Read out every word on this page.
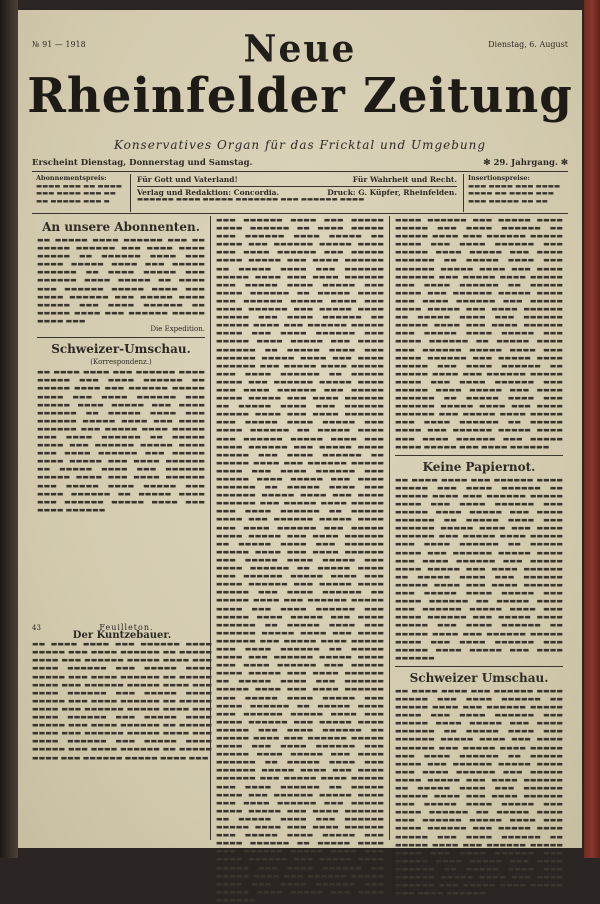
№ 91 — 1918	Dienstag, 6. August
Neue
Rheinfelder Zeitung
Konservatives Organ für das Fricktal und Umgebung
Erscheint Dienstag, Donnerstag und Samstag.	✻ 29. Jahrgang. ✻
Abonnementspreis:
▬▬▬▬ ▬▬▬ ▬▬ ▬▬▬▬
▬▬▬ ▬▬▬▬ ▬▬▬ ▬▬
▬▬ ▬▬▬▬▬ ▬▬▬ ▬
Für Gott und Vaterland!	Für Wahrheit und Recht.
Verlag und Redaktion: Concordia.	Druck: G. Küpfer, Rheinfelden.
▬▬▬▬▬▬ ▬▬▬▬ ▬▬▬▬▬ ▬▬▬▬▬▬▬ ▬▬▬ ▬▬▬▬▬▬ ▬▬▬▬
Insertionspreise:
▬▬▬ ▬▬▬▬ ▬▬▬ ▬▬▬▬
▬▬▬▬ ▬▬ ▬▬▬▬ ▬▬▬
▬▬▬ ▬▬▬▬▬ ▬▬ ▬▬
An unsere Abonnenten.
▬▬ ▬▬▬▬▬ ▬▬▬▬ ▬▬▬▬▬▬ ▬▬▬ ▬▬ ▬▬▬▬▬ ▬▬▬▬▬▬ ▬▬▬ ▬▬▬▬ ▬▬▬▬ ▬▬▬▬▬ ▬▬ ▬▬▬▬▬▬ ▬▬▬▬ ▬▬▬ ▬▬▬▬ ▬▬▬▬▬ ▬▬▬▬ ▬▬▬ ▬▬▬▬▬ ▬▬▬▬▬▬ ▬▬ ▬▬▬▬ ▬▬▬▬▬ ▬▬▬ ▬▬▬▬▬▬ ▬▬▬▬ ▬▬▬▬▬ ▬▬ ▬▬▬▬ ▬▬▬ ▬▬▬▬▬▬ ▬▬▬▬▬ ▬▬▬▬ ▬▬▬ ▬▬▬▬ ▬▬▬▬▬▬ ▬▬▬ ▬▬▬▬▬ ▬▬▬▬ ▬▬▬▬▬ ▬▬▬ ▬▬▬▬ ▬▬▬▬▬▬ ▬▬ ▬▬▬▬▬ ▬▬▬▬ ▬▬▬ ▬▬▬▬▬▬ ▬▬▬▬▬ ▬▬▬▬ ▬▬▬
Die Expedition.
Schweizer-Umschau.
(Korrespondenz.)
▬▬ ▬▬▬▬ ▬▬▬▬ ▬▬▬ ▬▬▬▬▬▬ ▬▬▬▬ ▬▬▬▬▬ ▬▬▬ ▬▬▬▬ ▬▬▬▬▬▬ ▬▬ ▬▬▬▬▬ ▬▬▬▬ ▬▬▬ ▬▬▬▬▬▬ ▬▬▬▬▬ ▬▬▬▬ ▬▬▬ ▬▬▬▬ ▬▬▬▬▬▬ ▬▬▬ ▬▬▬▬▬ ▬▬▬▬ ▬▬▬▬▬ ▬▬▬ ▬▬▬▬ ▬▬▬▬▬▬ ▬▬ ▬▬▬▬▬ ▬▬▬▬ ▬▬▬ ▬▬▬▬▬▬ ▬▬▬▬▬ ▬▬▬▬ ▬▬▬ ▬▬▬▬ ▬▬▬▬▬▬ ▬▬▬ ▬▬▬▬▬ ▬▬▬▬ ▬▬▬▬▬ ▬▬▬ ▬▬▬▬ ▬▬▬▬▬▬ ▬▬ ▬▬▬▬▬ ▬▬▬▬ ▬▬▬ ▬▬▬▬▬▬ ▬▬▬▬▬ ▬▬▬▬ ▬▬▬ ▬▬▬▬ ▬▬▬▬▬▬ ▬▬▬ ▬▬▬▬▬ ▬▬▬▬ ▬▬▬▬▬ ▬▬▬ ▬▬▬▬ ▬▬▬▬▬▬ ▬▬ ▬▬▬▬▬ ▬▬▬▬ ▬▬▬ ▬▬▬▬▬▬ ▬▬▬▬▬ ▬▬▬▬ ▬▬▬ ▬▬▬▬ ▬▬▬▬▬▬ ▬▬▬ ▬▬▬▬▬ ▬▬▬▬ ▬▬▬▬▬ ▬▬▬ ▬▬▬▬ ▬▬▬▬▬▬ ▬▬ ▬▬▬▬▬ ▬▬▬▬ ▬▬▬ ▬▬▬▬▬▬ ▬▬▬▬▬ ▬▬▬▬ ▬▬▬ ▬▬▬▬ ▬▬▬▬▬▬
43	Feuilleton.
Der Kuntzebauer.
▬▬ ▬▬▬▬ ▬▬▬▬ ▬▬▬ ▬▬▬▬▬▬ ▬▬▬▬ ▬▬▬▬▬ ▬▬▬ ▬▬▬▬ ▬▬▬▬▬▬ ▬▬ ▬▬▬▬▬ ▬▬▬▬ ▬▬▬ ▬▬▬▬▬▬ ▬▬▬▬▬ ▬▬▬▬ ▬▬▬ ▬▬▬▬ ▬▬▬▬▬▬ ▬▬▬ ▬▬▬▬▬ ▬▬▬▬ ▬▬▬▬▬ ▬▬▬ ▬▬▬▬ ▬▬▬▬▬▬ ▬▬ ▬▬▬▬▬ ▬▬▬▬ ▬▬▬ ▬▬▬▬▬▬ ▬▬▬▬▬ ▬▬▬▬ ▬▬▬ ▬▬▬▬ ▬▬▬▬▬▬ ▬▬▬ ▬▬▬▬▬ ▬▬▬▬ ▬▬▬▬▬ ▬▬▬ ▬▬▬▬ ▬▬▬▬▬▬ ▬▬ ▬▬▬▬▬ ▬▬▬▬ ▬▬▬ ▬▬▬▬▬▬ ▬▬▬▬▬ ▬▬▬▬ ▬▬▬ ▬▬▬▬ ▬▬▬▬▬▬ ▬▬▬ ▬▬▬▬▬ ▬▬▬▬ ▬▬▬▬▬ ▬▬▬ ▬▬▬▬ ▬▬▬▬▬▬ ▬▬ ▬▬▬▬▬ ▬▬▬▬ ▬▬▬ ▬▬▬▬▬▬ ▬▬▬▬▬ ▬▬▬▬ ▬▬▬ ▬▬▬▬ ▬▬▬▬▬▬ ▬▬▬ ▬▬▬▬▬ ▬▬▬▬ ▬▬▬▬▬ ▬▬▬ ▬▬▬▬ ▬▬▬▬▬▬ ▬▬ ▬▬▬▬▬ ▬▬▬▬ ▬▬▬ ▬▬▬▬▬▬ ▬▬▬▬▬ ▬▬▬▬ ▬▬▬
▬▬▬ ▬▬▬▬▬▬ ▬▬▬▬ ▬▬▬ ▬▬▬▬▬ ▬▬▬▬ ▬▬▬▬▬▬ ▬▬ ▬▬▬▬ ▬▬▬▬▬ ▬▬▬ ▬▬▬▬▬▬ ▬▬▬▬ ▬▬▬▬▬ ▬▬ ▬▬▬▬ ▬▬▬ ▬▬▬▬▬▬ ▬▬▬▬▬ ▬▬▬▬ ▬▬▬ ▬▬▬▬ ▬▬▬▬▬▬ ▬▬▬ ▬▬▬▬▬ ▬▬▬▬ ▬▬▬▬▬ ▬▬▬ ▬▬▬▬ ▬▬▬▬▬▬ ▬▬ ▬▬▬▬▬ ▬▬▬▬ ▬▬▬ ▬▬▬▬▬▬ ▬▬▬▬▬ ▬▬▬▬ ▬▬▬ ▬▬▬▬ ▬▬▬▬▬▬ ▬▬▬ ▬▬▬▬▬ ▬▬▬▬ ▬▬▬▬▬ ▬▬▬ ▬▬▬▬ ▬▬▬▬▬▬ ▬▬ ▬▬▬▬▬ ▬▬▬▬ ▬▬▬ ▬▬▬▬▬▬ ▬▬▬▬▬ ▬▬▬▬ ▬▬▬ ▬▬▬▬ ▬▬▬▬▬▬ ▬▬▬ ▬▬▬▬▬ ▬▬▬▬ ▬▬▬▬▬ ▬▬▬ ▬▬▬▬ ▬▬▬▬▬▬ ▬▬ ▬▬▬▬▬ ▬▬▬▬ ▬▬▬ ▬▬▬▬▬▬ ▬▬▬▬▬ ▬▬▬▬ ▬▬▬ ▬▬▬▬ ▬▬▬▬▬▬ ▬▬▬ ▬▬▬▬▬ ▬▬▬▬ ▬▬▬▬▬ ▬▬▬ ▬▬▬▬ ▬▬▬▬▬▬ ▬▬ ▬▬▬▬▬ ▬▬▬▬ ▬▬▬ ▬▬▬▬▬▬ ▬▬▬▬▬ ▬▬▬▬ ▬▬▬ ▬▬▬▬ ▬▬▬▬▬▬ ▬▬▬ ▬▬▬▬▬ ▬▬▬▬ ▬▬▬▬▬ ▬▬▬ ▬▬▬▬ ▬▬▬▬▬▬ ▬▬ ▬▬▬▬▬ ▬▬▬▬ ▬▬▬ ▬▬▬▬▬▬ ▬▬▬▬▬ ▬▬▬▬ ▬▬▬ ▬▬▬▬ ▬▬▬▬▬▬ ▬▬▬ ▬▬▬▬▬ ▬▬▬▬ ▬▬▬▬▬ ▬▬▬ ▬▬▬▬ ▬▬▬▬▬▬ ▬▬ ▬▬▬▬▬ ▬▬▬▬ ▬▬▬ ▬▬▬▬▬▬ ▬▬▬▬▬ ▬▬▬▬ ▬▬▬ ▬▬▬▬ ▬▬▬▬▬▬ ▬▬▬ ▬▬▬▬▬ ▬▬▬▬ ▬▬▬▬▬ ▬▬▬ ▬▬▬▬ ▬▬▬▬▬▬ ▬▬ ▬▬▬▬▬ ▬▬▬▬ ▬▬▬ ▬▬▬▬▬▬ ▬▬▬▬▬ ▬▬▬▬ ▬▬▬ ▬▬▬▬ ▬▬▬▬▬▬ ▬▬▬ ▬▬▬▬▬ ▬▬▬▬ ▬▬▬▬▬ ▬▬▬ ▬▬▬▬ ▬▬▬▬▬▬ ▬▬ ▬▬▬▬▬ ▬▬▬▬ ▬▬▬ ▬▬▬▬▬▬ ▬▬▬▬▬ ▬▬▬▬ ▬▬▬ ▬▬▬▬ ▬▬▬▬▬▬ ▬▬▬ ▬▬▬▬▬ ▬▬▬▬ ▬▬▬▬▬ ▬▬▬ ▬▬▬▬ ▬▬▬▬▬▬ ▬▬ ▬▬▬▬▬ ▬▬▬▬ ▬▬▬ ▬▬▬▬▬▬ ▬▬▬▬▬ ▬▬▬▬ ▬▬▬ ▬▬▬▬ ▬▬▬▬▬▬ ▬▬▬ ▬▬▬▬▬ ▬▬▬▬ ▬▬▬▬▬ ▬▬▬ ▬▬▬▬ ▬▬▬▬▬▬ ▬▬ ▬▬▬▬▬ ▬▬▬▬ ▬▬▬ ▬▬▬▬▬▬ ▬▬▬▬▬ ▬▬▬▬ ▬▬▬ ▬▬▬▬ ▬▬▬▬▬▬ ▬▬▬ ▬▬▬▬▬ ▬▬▬▬ ▬▬▬▬▬ ▬▬▬ ▬▬▬▬ ▬▬▬▬▬▬ ▬▬ ▬▬▬▬▬ ▬▬▬▬ ▬▬▬ ▬▬▬▬▬▬ ▬▬▬▬▬ ▬▬▬▬ ▬▬▬ ▬▬▬▬ ▬▬▬▬▬▬ ▬▬▬ ▬▬▬▬▬ ▬▬▬▬ ▬▬▬▬▬ ▬▬▬ ▬▬▬▬ ▬▬▬▬▬▬ ▬▬ ▬▬▬▬▬ ▬▬▬▬ ▬▬▬ ▬▬▬▬▬▬ ▬▬▬▬▬ ▬▬▬▬ ▬▬▬ ▬▬▬▬ ▬▬▬▬▬▬ ▬▬▬ ▬▬▬▬▬ ▬▬▬▬ ▬▬▬▬▬ ▬▬▬ ▬▬▬▬ ▬▬▬▬▬▬ ▬▬ ▬▬▬▬▬ ▬▬▬▬ ▬▬▬ ▬▬▬▬▬▬ ▬▬▬▬▬ ▬▬▬▬ ▬▬▬ ▬▬▬▬ ▬▬▬▬▬▬ ▬▬▬ ▬▬▬▬▬ ▬▬▬▬ ▬▬▬▬▬ ▬▬▬ ▬▬▬▬ ▬▬▬▬▬▬ ▬▬ ▬▬▬▬▬ ▬▬▬▬ ▬▬▬ ▬▬▬▬▬▬ ▬▬▬▬▬ ▬▬▬▬ ▬▬▬ ▬▬▬▬ ▬▬▬▬▬▬ ▬▬▬ ▬▬▬▬▬ ▬▬▬▬ ▬▬▬▬▬ ▬▬▬ ▬▬▬▬ ▬▬▬▬▬▬ ▬▬ ▬▬▬▬▬ ▬▬▬▬ ▬▬▬ ▬▬▬▬▬▬ ▬▬▬▬▬ ▬▬▬▬ ▬▬▬ ▬▬▬▬ ▬▬▬▬▬▬ ▬▬▬ ▬▬▬▬▬ ▬▬▬▬ ▬▬▬▬▬ ▬▬▬ ▬▬▬▬ ▬▬▬▬▬▬ ▬▬ ▬▬▬▬▬ ▬▬▬▬ ▬▬▬ ▬▬▬▬▬▬ ▬▬▬▬▬ ▬▬▬▬ ▬▬▬ ▬▬▬▬ ▬▬▬▬▬▬ ▬▬▬ ▬▬▬▬▬ ▬▬▬▬ ▬▬▬▬▬ ▬▬▬ ▬▬▬▬ ▬▬▬▬▬▬ ▬▬ ▬▬▬▬▬ ▬▬▬▬ ▬▬▬ ▬▬▬▬▬▬ ▬▬▬▬▬ ▬▬▬▬ ▬▬▬ ▬▬▬▬ ▬▬▬▬▬▬ ▬▬▬ ▬▬▬▬▬ ▬▬▬▬ ▬▬▬▬▬ ▬▬▬ ▬▬▬▬ ▬▬▬▬▬▬ ▬▬ ▬▬▬▬▬ ▬▬▬▬ ▬▬▬ ▬▬▬▬▬▬ ▬▬▬▬▬ ▬▬▬▬ ▬▬▬ ▬▬▬▬ ▬▬▬▬▬▬ ▬▬▬ ▬▬▬▬▬ ▬▬▬▬ ▬▬▬▬▬ ▬▬▬ ▬▬▬▬ ▬▬▬▬▬▬ ▬▬ ▬▬▬▬▬ ▬▬▬▬ ▬▬▬ ▬▬▬▬▬▬ ▬▬▬▬▬ ▬▬▬▬ ▬▬▬ ▬▬▬▬ ▬▬▬▬▬▬ ▬▬▬ ▬▬▬▬▬ ▬▬▬▬ ▬▬▬▬▬ ▬▬▬ ▬▬▬▬ ▬▬▬▬▬▬ ▬▬ ▬▬▬▬▬ ▬▬▬▬ ▬▬▬ ▬▬▬▬▬▬ ▬▬▬▬▬ ▬▬▬▬ ▬▬▬ ▬▬▬▬ ▬▬▬▬▬▬ ▬▬▬ ▬▬▬▬▬ ▬▬▬▬ ▬▬▬▬▬ ▬▬▬ ▬▬▬▬ ▬▬▬▬▬▬ ▬▬ ▬▬▬▬▬ ▬▬▬▬ ▬▬▬ ▬▬▬▬▬▬ ▬▬▬▬▬ ▬▬▬▬ ▬▬▬ ▬▬▬▬ ▬▬▬▬▬▬ ▬▬▬ ▬▬▬▬▬ ▬▬▬▬ ▬▬▬▬▬ ▬▬▬ ▬▬▬▬ ▬▬▬▬▬▬ ▬▬ ▬▬▬▬▬ ▬▬▬▬ ▬▬▬ ▬▬▬▬▬▬ ▬▬▬▬▬ ▬▬▬▬ ▬▬▬ ▬▬▬▬ ▬▬▬▬▬▬ ▬▬▬ ▬▬▬▬▬ ▬▬▬▬ ▬▬▬▬▬ ▬▬▬ ▬▬▬▬ ▬▬▬▬▬▬ ▬▬ ▬▬▬▬▬ ▬▬▬▬ ▬▬▬ ▬▬▬▬▬▬ ▬▬▬▬▬ ▬▬▬▬ ▬▬▬ ▬▬▬▬ ▬▬▬▬▬▬ ▬▬▬ ▬▬▬▬▬ ▬▬▬▬ ▬▬▬▬▬ ▬▬▬ ▬▬▬▬ ▬▬▬▬▬▬
▬▬▬▬ ▬▬▬▬▬▬ ▬▬▬ ▬▬▬▬▬ ▬▬▬▬ ▬▬▬▬▬ ▬▬▬ ▬▬▬▬ ▬▬▬▬▬▬ ▬▬ ▬▬▬▬▬ ▬▬▬▬ ▬▬▬ ▬▬▬▬▬▬ ▬▬▬▬▬ ▬▬▬▬ ▬▬▬ ▬▬▬▬ ▬▬▬▬▬▬ ▬▬▬ ▬▬▬▬▬ ▬▬▬▬ ▬▬▬▬▬ ▬▬▬ ▬▬▬▬ ▬▬▬▬▬▬ ▬▬ ▬▬▬▬▬ ▬▬▬▬ ▬▬▬ ▬▬▬▬▬▬ ▬▬▬▬▬ ▬▬▬▬ ▬▬▬ ▬▬▬▬ ▬▬▬▬▬▬ ▬▬▬ ▬▬▬▬▬ ▬▬▬▬ ▬▬▬▬▬ ▬▬▬ ▬▬▬▬ ▬▬▬▬▬▬ ▬▬ ▬▬▬▬▬ ▬▬▬▬ ▬▬▬ ▬▬▬▬▬▬ ▬▬▬▬▬ ▬▬▬▬ ▬▬▬ ▬▬▬▬ ▬▬▬▬▬▬ ▬▬▬ ▬▬▬▬▬ ▬▬▬▬ ▬▬▬▬▬ ▬▬▬ ▬▬▬▬ ▬▬▬▬▬▬ ▬▬ ▬▬▬▬▬ ▬▬▬▬ ▬▬▬ ▬▬▬▬▬▬ ▬▬▬▬▬ ▬▬▬▬ ▬▬▬ ▬▬▬▬ ▬▬▬▬▬▬ ▬▬▬ ▬▬▬▬▬ ▬▬▬▬ ▬▬▬▬▬ ▬▬▬ ▬▬▬▬ ▬▬▬▬▬▬ ▬▬ ▬▬▬▬▬ ▬▬▬▬ ▬▬▬ ▬▬▬▬▬▬ ▬▬▬▬▬ ▬▬▬▬ ▬▬▬ ▬▬▬▬ ▬▬▬▬▬▬ ▬▬▬ ▬▬▬▬▬ ▬▬▬▬ ▬▬▬▬▬ ▬▬▬ ▬▬▬▬ ▬▬▬▬▬▬ ▬▬ ▬▬▬▬▬ ▬▬▬▬ ▬▬▬ ▬▬▬▬▬▬ ▬▬▬▬▬ ▬▬▬▬ ▬▬▬ ▬▬▬▬ ▬▬▬▬▬▬ ▬▬▬ ▬▬▬▬▬ ▬▬▬▬ ▬▬▬▬▬ ▬▬▬ ▬▬▬▬ ▬▬▬▬▬▬ ▬▬ ▬▬▬▬▬ ▬▬▬▬ ▬▬▬ ▬▬▬▬▬▬ ▬▬▬▬▬ ▬▬▬▬ ▬▬▬ ▬▬▬▬ ▬▬▬▬▬▬ ▬▬▬ ▬▬▬▬▬ ▬▬▬▬ ▬▬▬▬▬ ▬▬▬ ▬▬▬▬ ▬▬▬▬▬▬ ▬▬ ▬▬▬▬▬ ▬▬▬▬ ▬▬▬ ▬▬▬▬▬▬ ▬▬▬▬▬ ▬▬▬▬ ▬▬▬ ▬▬▬▬ ▬▬▬▬▬▬ ▬▬▬ ▬▬▬▬▬ ▬▬▬▬ ▬▬▬▬▬ ▬▬▬ ▬▬▬▬ ▬▬▬▬▬▬
Keine Papiernot.
▬▬ ▬▬▬▬ ▬▬▬▬ ▬▬▬ ▬▬▬▬▬▬ ▬▬▬▬ ▬▬▬▬▬ ▬▬▬ ▬▬▬▬ ▬▬▬▬▬▬ ▬▬ ▬▬▬▬▬ ▬▬▬▬ ▬▬▬ ▬▬▬▬▬▬ ▬▬▬▬▬ ▬▬▬▬ ▬▬▬ ▬▬▬▬ ▬▬▬▬▬▬ ▬▬▬ ▬▬▬▬▬ ▬▬▬▬ ▬▬▬▬▬ ▬▬▬ ▬▬▬▬ ▬▬▬▬▬▬ ▬▬ ▬▬▬▬▬ ▬▬▬▬ ▬▬▬ ▬▬▬▬▬▬ ▬▬▬▬▬ ▬▬▬▬ ▬▬▬ ▬▬▬▬ ▬▬▬▬▬▬ ▬▬▬ ▬▬▬▬▬ ▬▬▬▬ ▬▬▬▬▬ ▬▬▬ ▬▬▬▬ ▬▬▬▬▬▬ ▬▬ ▬▬▬▬▬ ▬▬▬▬ ▬▬▬ ▬▬▬▬▬▬ ▬▬▬▬▬ ▬▬▬▬ ▬▬▬ ▬▬▬▬ ▬▬▬▬▬▬ ▬▬▬ ▬▬▬▬▬ ▬▬▬▬ ▬▬▬▬▬ ▬▬▬ ▬▬▬▬ ▬▬▬▬▬▬ ▬▬ ▬▬▬▬▬ ▬▬▬▬ ▬▬▬ ▬▬▬▬▬▬ ▬▬▬▬▬ ▬▬▬▬ ▬▬▬ ▬▬▬▬ ▬▬▬▬▬▬ ▬▬▬ ▬▬▬▬▬ ▬▬▬▬ ▬▬▬▬▬ ▬▬▬ ▬▬▬▬ ▬▬▬▬▬▬ ▬▬ ▬▬▬▬▬ ▬▬▬▬ ▬▬▬ ▬▬▬▬▬▬ ▬▬▬▬▬ ▬▬▬▬ ▬▬▬ ▬▬▬▬ ▬▬▬▬▬▬ ▬▬▬ ▬▬▬▬▬ ▬▬▬▬ ▬▬▬▬▬ ▬▬▬ ▬▬▬▬ ▬▬▬▬▬▬ ▬▬ ▬▬▬▬▬ ▬▬▬▬ ▬▬▬ ▬▬▬▬▬▬ ▬▬▬▬▬ ▬▬▬▬ ▬▬▬ ▬▬▬▬ ▬▬▬▬▬▬ ▬▬▬ ▬▬▬▬▬ ▬▬▬▬ ▬▬▬▬▬ ▬▬▬ ▬▬▬▬ ▬▬▬▬▬▬
Schweizer Umschau.
▬▬ ▬▬▬▬ ▬▬▬▬ ▬▬▬ ▬▬▬▬▬▬ ▬▬▬▬ ▬▬▬▬▬ ▬▬▬ ▬▬▬▬ ▬▬▬▬▬▬ ▬▬ ▬▬▬▬▬ ▬▬▬▬ ▬▬▬ ▬▬▬▬▬▬ ▬▬▬▬▬ ▬▬▬▬ ▬▬▬ ▬▬▬▬ ▬▬▬▬▬▬ ▬▬▬ ▬▬▬▬▬ ▬▬▬▬ ▬▬▬▬▬ ▬▬▬ ▬▬▬▬ ▬▬▬▬▬▬ ▬▬ ▬▬▬▬▬ ▬▬▬▬ ▬▬▬ ▬▬▬▬▬▬ ▬▬▬▬▬ ▬▬▬▬ ▬▬▬ ▬▬▬▬ ▬▬▬▬▬▬ ▬▬▬ ▬▬▬▬▬ ▬▬▬▬ ▬▬▬▬▬ ▬▬▬ ▬▬▬▬ ▬▬▬▬▬▬ ▬▬ ▬▬▬▬▬ ▬▬▬▬ ▬▬▬ ▬▬▬▬▬▬ ▬▬▬▬▬ ▬▬▬▬ ▬▬▬ ▬▬▬▬ ▬▬▬▬▬▬ ▬▬▬ ▬▬▬▬▬ ▬▬▬▬ ▬▬▬▬▬ ▬▬▬ ▬▬▬▬ ▬▬▬▬▬▬ ▬▬ ▬▬▬▬▬ ▬▬▬▬ ▬▬▬ ▬▬▬▬▬▬ ▬▬▬▬▬ ▬▬▬▬ ▬▬▬ ▬▬▬▬ ▬▬▬▬▬▬ ▬▬▬ ▬▬▬▬▬ ▬▬▬▬ ▬▬▬▬▬ ▬▬▬ ▬▬▬▬ ▬▬▬▬▬▬ ▬▬ ▬▬▬▬▬ ▬▬▬▬ ▬▬▬ ▬▬▬▬▬▬ ▬▬▬▬▬ ▬▬▬▬ ▬▬▬ ▬▬▬▬ ▬▬▬▬▬▬ ▬▬▬ ▬▬▬▬▬ ▬▬▬▬ ▬▬▬▬▬ ▬▬▬ ▬▬▬▬ ▬▬▬▬▬▬ ▬▬ ▬▬▬▬▬ ▬▬▬▬ ▬▬▬ ▬▬▬▬▬▬ ▬▬▬▬▬ ▬▬▬▬ ▬▬▬ ▬▬▬▬ ▬▬▬▬▬▬ ▬▬▬ ▬▬▬▬▬ ▬▬▬▬ ▬▬▬▬▬ ▬▬▬ ▬▬▬▬ ▬▬▬▬▬▬ ▬▬ ▬▬▬▬▬ ▬▬▬▬ ▬▬▬ ▬▬▬▬▬▬ ▬▬▬▬▬ ▬▬▬▬ ▬▬▬ ▬▬▬▬ ▬▬▬▬▬▬ ▬▬▬ ▬▬▬▬▬ ▬▬▬▬ ▬▬▬▬▬ ▬▬▬ ▬▬▬▬ ▬▬▬▬▬▬
